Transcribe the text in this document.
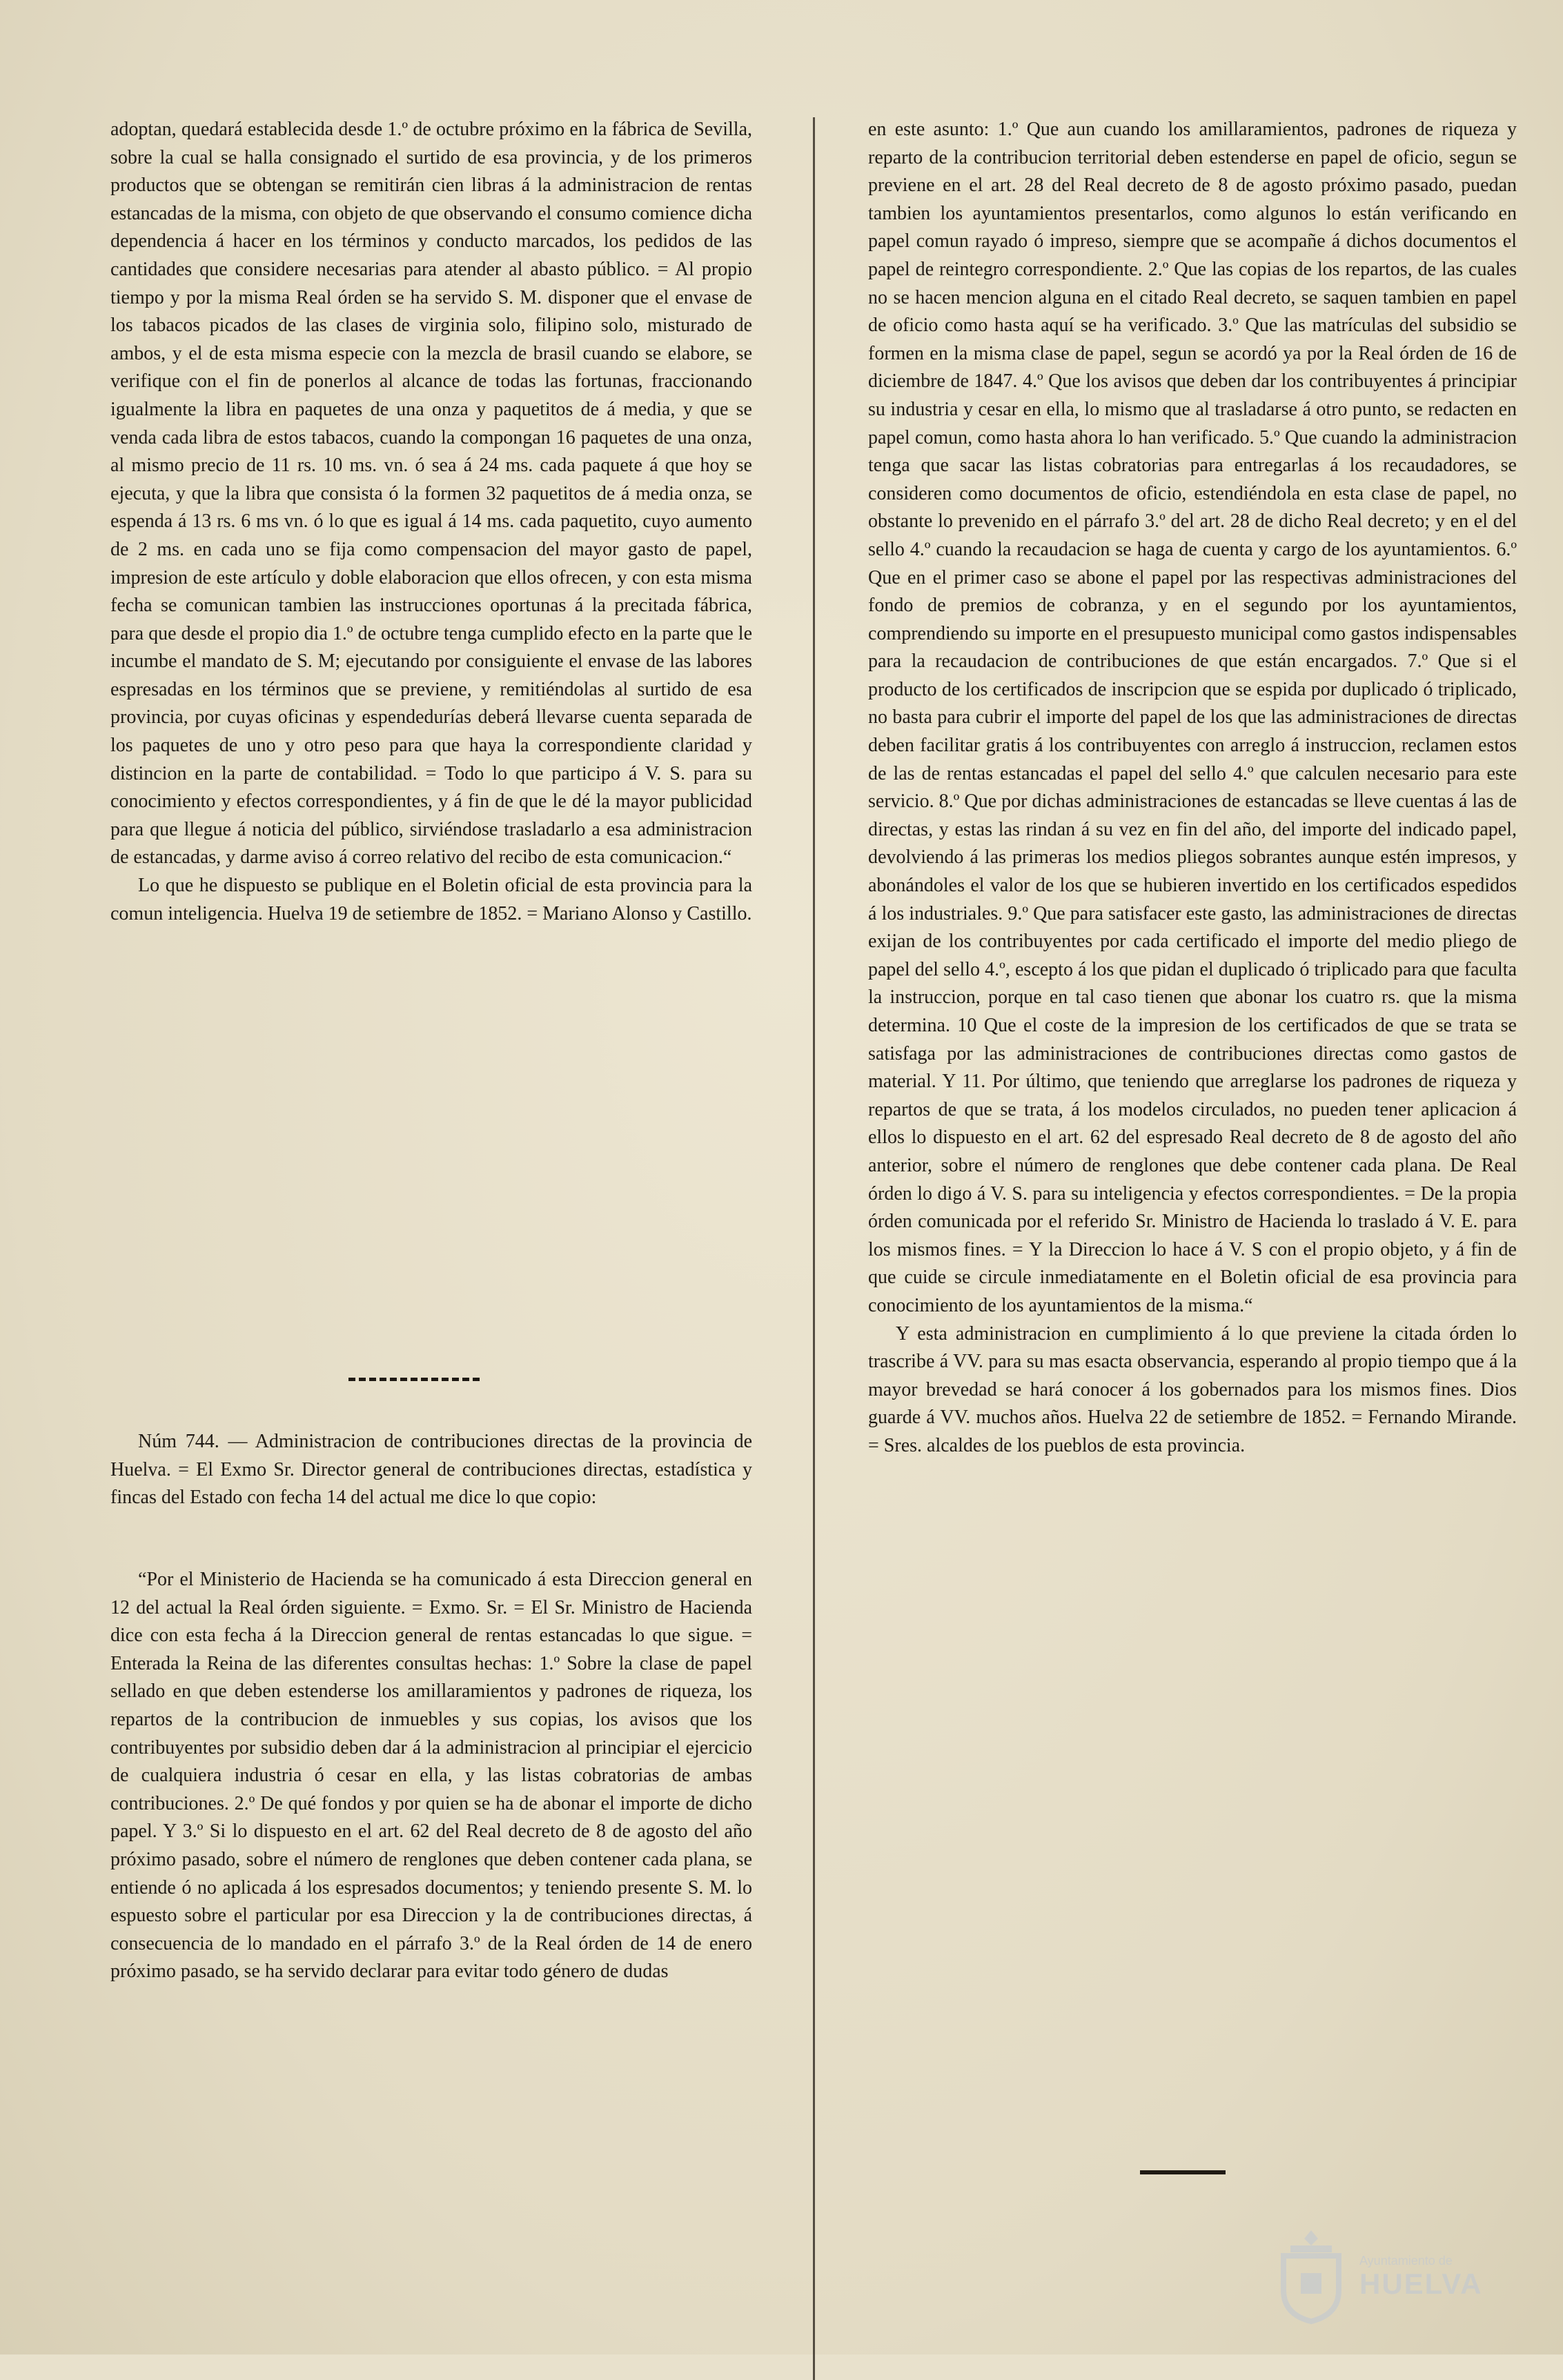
adoptan, quedará establecida desde 1.º de octubre próximo en la fábrica de Sevilla, sobre la cual se halla consignado el surtido de esa provincia, y de los primeros productos que se obtengan se remitirán cien libras á la administracion de rentas estancadas de la misma, con objeto de que observando el consumo comience dicha dependencia á hacer en los términos y conducto marcados, los pedidos de las cantidades que considere necesarias para atender al abasto público. = Al propio tiempo y por la misma Real órden se ha servido S. M. disponer que el envase de los tabacos picados de las clases de virginia solo, filipino solo, misturado de ambos, y el de esta misma especie con la mezcla de brasil cuando se elabore, se verifique con el fin de ponerlos al alcance de todas las fortunas, fraccionando igualmente la libra en paquetes de una onza y paquetitos de á media, y que se venda cada libra de estos tabacos, cuando la compongan 16 paquetes de una onza, al mismo precio de 11 rs. 10 ms. vn. ó sea á 24 ms. cada paquete á que hoy se ejecuta, y que la libra que consista ó la formen 32 paquetitos de á media onza, se espenda á 13 rs. 6 ms vn. ó lo que es igual á 14 ms. cada paquetito, cuyo aumento de 2 ms. en cada uno se fija como compensacion del mayor gasto de papel, impresion de este artículo y doble elaboracion que ellos ofrecen, y con esta misma fecha se comunican tambien las instrucciones oportunas á la precitada fábrica, para que desde el propio dia 1.º de octubre tenga cumplido efecto en la parte que le incumbe el mandato de S. M; ejecutando por consiguiente el envase de las labores espresadas en los términos que se previene, y remitiéndolas al surtido de esa provincia, por cuyas oficinas y espendedurías deberá llevarse cuenta separada de los paquetes de uno y otro peso para que haya la correspondiente claridad y distincion en la parte de contabilidad. = Todo lo que participo á V. S. para su conocimiento y efectos correspondientes, y á fin de que le dé la mayor publicidad para que llegue á noticia del público, sirviéndose trasladarlo a esa administracion de estancadas, y darme aviso á correo relativo del recibo de esta comunicacion.“

Lo que he dispuesto se publique en el Boletin oficial de esta provincia para la comun inteligencia. Huelva 19 de setiembre de 1852. = Mariano Alonso y Castillo.

Núm 744. — Administracion de contribuciones directas de la provincia de Huelva. = El Exmo Sr. Director general de contribuciones directas, estadística y fincas del Estado con fecha 14 del actual me dice lo que copio:

“Por el Ministerio de Hacienda se ha comunicado á esta Direccion general en 12 del actual la Real órden siguiente. = Exmo. Sr. = El Sr. Ministro de Hacienda dice con esta fecha á la Direccion general de rentas estancadas lo que sigue. = Enterada la Reina de las diferentes consultas hechas: 1.º Sobre la clase de papel sellado en que deben estenderse los amillaramientos y padrones de riqueza, los repartos de la contribucion de inmuebles y sus copias, los avisos que los contribuyentes por subsidio deben dar á la administracion al principiar el ejercicio de cualquiera industria ó cesar en ella, y las listas cobratorias de ambas contribuciones. 2.º De qué fondos y por quien se ha de abonar el importe de dicho papel. Y 3.º Si lo dispuesto en el art. 62 del Real decreto de 8 de agosto del año próximo pasado, sobre el número de renglones que deben contener cada plana, se entiende ó no aplicada á los espresados documentos; y teniendo presente S. M. lo espuesto sobre el particular por esa Direccion y la de contribuciones directas, á consecuencia de lo mandado en el párrafo 3.º de la Real órden de 14 de enero próximo pasado, se ha servido declarar para evitar todo género de dudas

en este asunto: 1.º Que aun cuando los amillaramientos, padrones de riqueza y reparto de la contribucion territorial deben estenderse en papel de oficio, segun se previene en el art. 28 del Real decreto de 8 de agosto próximo pasado, puedan tambien los ayuntamientos presentarlos, como algunos lo están verificando en papel comun rayado ó impreso, siempre que se acompañe á dichos documentos el papel de reintegro correspondiente. 2.º Que las copias de los repartos, de las cuales no se hacen mencion alguna en el citado Real decreto, se saquen tambien en papel de oficio como hasta aquí se ha verificado. 3.º Que las matrículas del subsidio se formen en la misma clase de papel, segun se acordó ya por la Real órden de 16 de diciembre de 1847. 4.º Que los avisos que deben dar los contribuyentes á principiar su industria y cesar en ella, lo mismo que al trasladarse á otro punto, se redacten en papel comun, como hasta ahora lo han verificado. 5.º Que cuando la administracion tenga que sacar las listas cobratorias para entregarlas á los recaudadores, se consideren como documentos de oficio, estendiéndola en esta clase de papel, no obstante lo prevenido en el párrafo 3.º del art. 28 de dicho Real decreto; y en el del sello 4.º cuando la recaudacion se haga de cuenta y cargo de los ayuntamientos. 6.º Que en el primer caso se abone el papel por las respectivas administraciones del fondo de premios de cobranza, y en el segundo por los ayuntamientos, comprendiendo su importe en el presupuesto municipal como gastos indispensables para la recaudacion de contribuciones de que están encargados. 7.º Que si el producto de los certificados de inscripcion que se espida por duplicado ó triplicado, no basta para cubrir el importe del papel de los que las administraciones de directas deben facilitar gratis á los contribuyentes con arreglo á instruccion, reclamen estos de las de rentas estancadas el papel del sello 4.º que calculen necesario para este servicio. 8.º Que por dichas administraciones de estancadas se lleve cuentas á las de directas, y estas las rindan á su vez en fin del año, del importe del indicado papel, devolviendo á las primeras los medios pliegos sobrantes aunque estén impresos, y abonándoles el valor de los que se hubieren invertido en los certificados espedidos á los industriales. 9.º Que para satisfacer este gasto, las administraciones de directas exijan de los contribuyentes por cada certificado el importe del medio pliego de papel del sello 4.º, escepto á los que pidan el duplicado ó triplicado para que faculta la instruccion, porque en tal caso tienen que abonar los cuatro rs. que la misma determina. 10 Que el coste de la impresion de los certificados de que se trata se satisfaga por las administraciones de contribuciones directas como gastos de material. Y 11. Por último, que teniendo que arreglarse los padrones de riqueza y repartos de que se trata, á los modelos circulados, no pueden tener aplicacion á ellos lo dispuesto en el art. 62 del espresado Real decreto de 8 de agosto del año anterior, sobre el número de renglones que debe contener cada plana. De Real órden lo digo á V. S. para su inteligencia y efectos correspondientes. = De la propia órden comunicada por el referido Sr. Ministro de Hacienda lo traslado á V. E. para los mismos fines. = Y la Direccion lo hace á V. S con el propio objeto, y á fin de que cuide se circule inmediatamente en el Boletin oficial de esa provincia para conocimiento de los ayuntamientos de la misma.“

Y esta administracion en cumplimiento á lo que previene la citada órden lo trascribe á VV. para su mas esacta observancia, esperando al propio tiempo que á la mayor brevedad se hará conocer á los gobernados para los mismos fines. Dios guarde á VV. muchos años. Huelva 22 de setiembre de 1852. = Fernando Mirande. = Sres. alcaldes de los pueblos de esta provincia.

Ayuntamiento de
HUELVA
